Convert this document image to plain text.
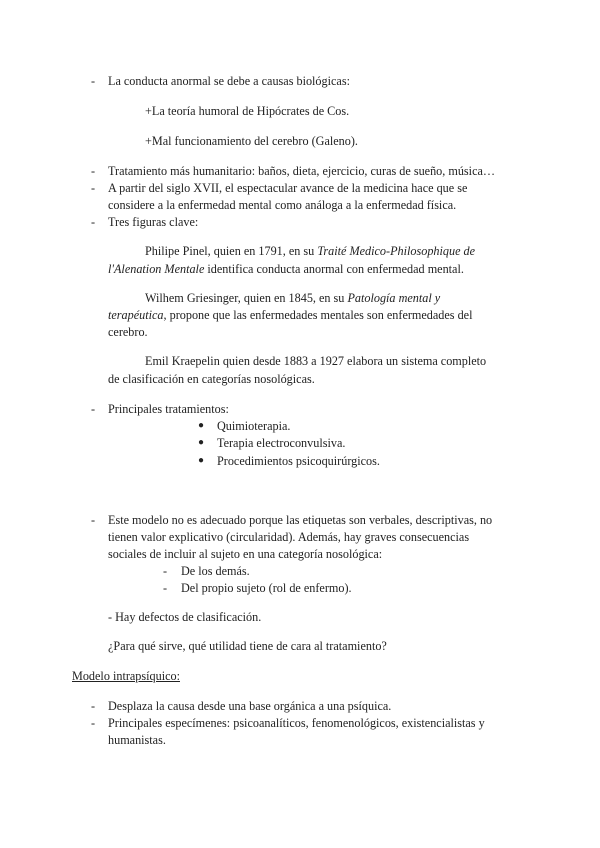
- La conducta anormal se debe a causas biológicas:
+La teoría humoral de Hipócrates de Cos.
+Mal funcionamiento del cerebro (Galeno).
- Tratamiento más humanitario: baños, dieta, ejercicio, curas de sueño, música…
- A partir del siglo XVII, el espectacular avance de la medicina hace que se
considere a la enfermedad mental como análoga a la enfermedad física.
- Tres figuras clave:
Philipe Pinel, quien en 1791, en su Traité Medico-Philosophique de
l'Alenation Mentale identifica conducta anormal con enfermedad mental.
Wilhem Griesinger, quien en 1845, en su Patología mental y
terapéutica, propone que las enfermedades mentales son enfermedades del
cerebro.
Emil Kraepelin quien desde 1883 a 1927 elabora un sistema completo
de clasificación en categorías nosológicas.
- Principales tratamientos:
● Quimioterapia.
● Terapia electroconvulsiva.
● Procedimientos psicoquirúrgicos.
- Este modelo no es adecuado porque las etiquetas son verbales, descriptivas, no
tienen valor explicativo (circularidad). Además, hay graves consecuencias
sociales de incluir al sujeto en una categoría nosológica:
- De los demás.
- Del propio sujeto (rol de enfermo).
- Hay defectos de clasificación.
¿Para qué sirve, qué utilidad tiene de cara al tratamiento?
Modelo intrapsíquico:
- Desplaza la causa desde una base orgánica a una psíquica.
- Principales especímenes: psicoanalíticos, fenomenológicos, existencialistas y
humanistas.
